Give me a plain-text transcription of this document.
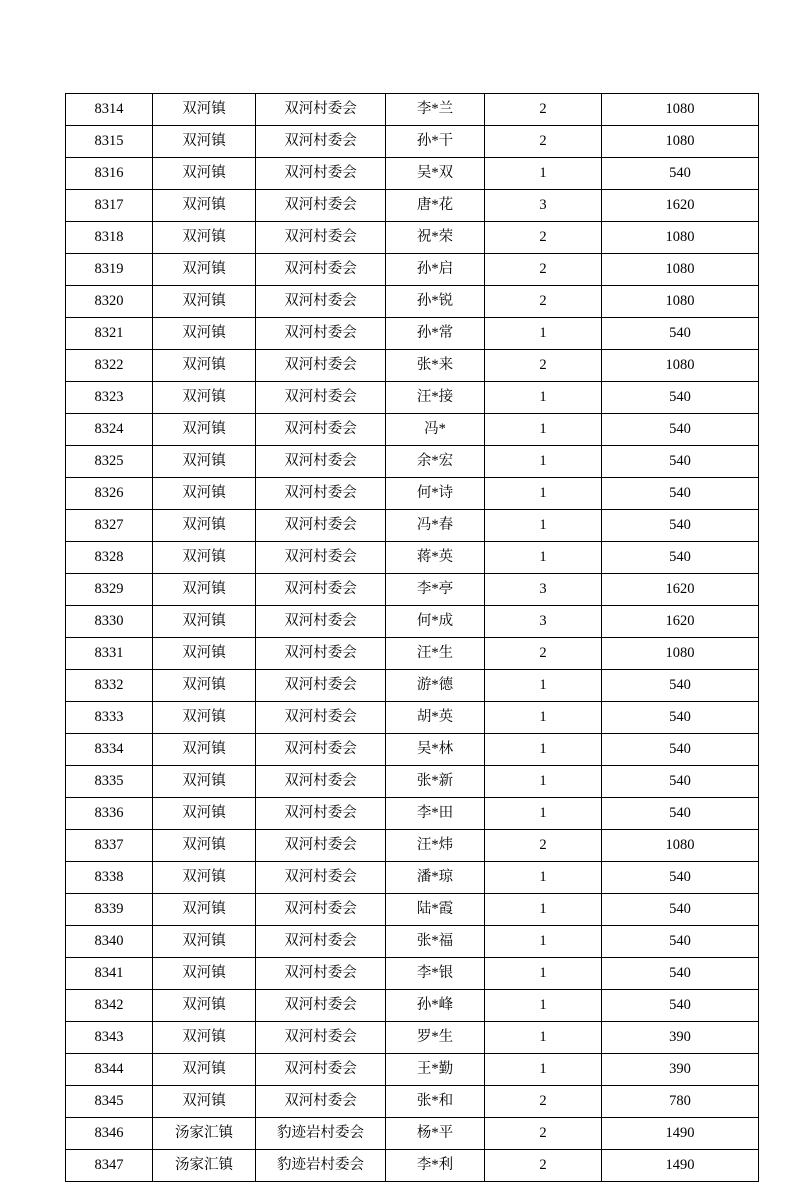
8314	双河镇	双河村委会	李*兰	2	1080
8315	双河镇	双河村委会	孙*干	2	1080
8316	双河镇	双河村委会	吴*双	1	540
8317	双河镇	双河村委会	唐*花	3	1620
8318	双河镇	双河村委会	祝*荣	2	1080
8319	双河镇	双河村委会	孙*启	2	1080
8320	双河镇	双河村委会	孙*锐	2	1080
8321	双河镇	双河村委会	孙*常	1	540
8322	双河镇	双河村委会	张*来	2	1080
8323	双河镇	双河村委会	汪*接	1	540
8324	双河镇	双河村委会	冯*	1	540
8325	双河镇	双河村委会	余*宏	1	540
8326	双河镇	双河村委会	何*诗	1	540
8327	双河镇	双河村委会	冯*春	1	540
8328	双河镇	双河村委会	蒋*英	1	540
8329	双河镇	双河村委会	李*亭	3	1620
8330	双河镇	双河村委会	何*成	3	1620
8331	双河镇	双河村委会	汪*生	2	1080
8332	双河镇	双河村委会	游*德	1	540
8333	双河镇	双河村委会	胡*英	1	540
8334	双河镇	双河村委会	吴*林	1	540
8335	双河镇	双河村委会	张*新	1	540
8336	双河镇	双河村委会	李*田	1	540
8337	双河镇	双河村委会	汪*炜	2	1080
8338	双河镇	双河村委会	潘*琼	1	540
8339	双河镇	双河村委会	陆*霞	1	540
8340	双河镇	双河村委会	张*福	1	540
8341	双河镇	双河村委会	李*银	1	540
8342	双河镇	双河村委会	孙*峰	1	540
8343	双河镇	双河村委会	罗*生	1	390
8344	双河镇	双河村委会	王*勤	1	390
8345	双河镇	双河村委会	张*和	2	780
8346	汤家汇镇	豹迹岩村委会	杨*平	2	1490
8347	汤家汇镇	豹迹岩村委会	李*利	2	1490
